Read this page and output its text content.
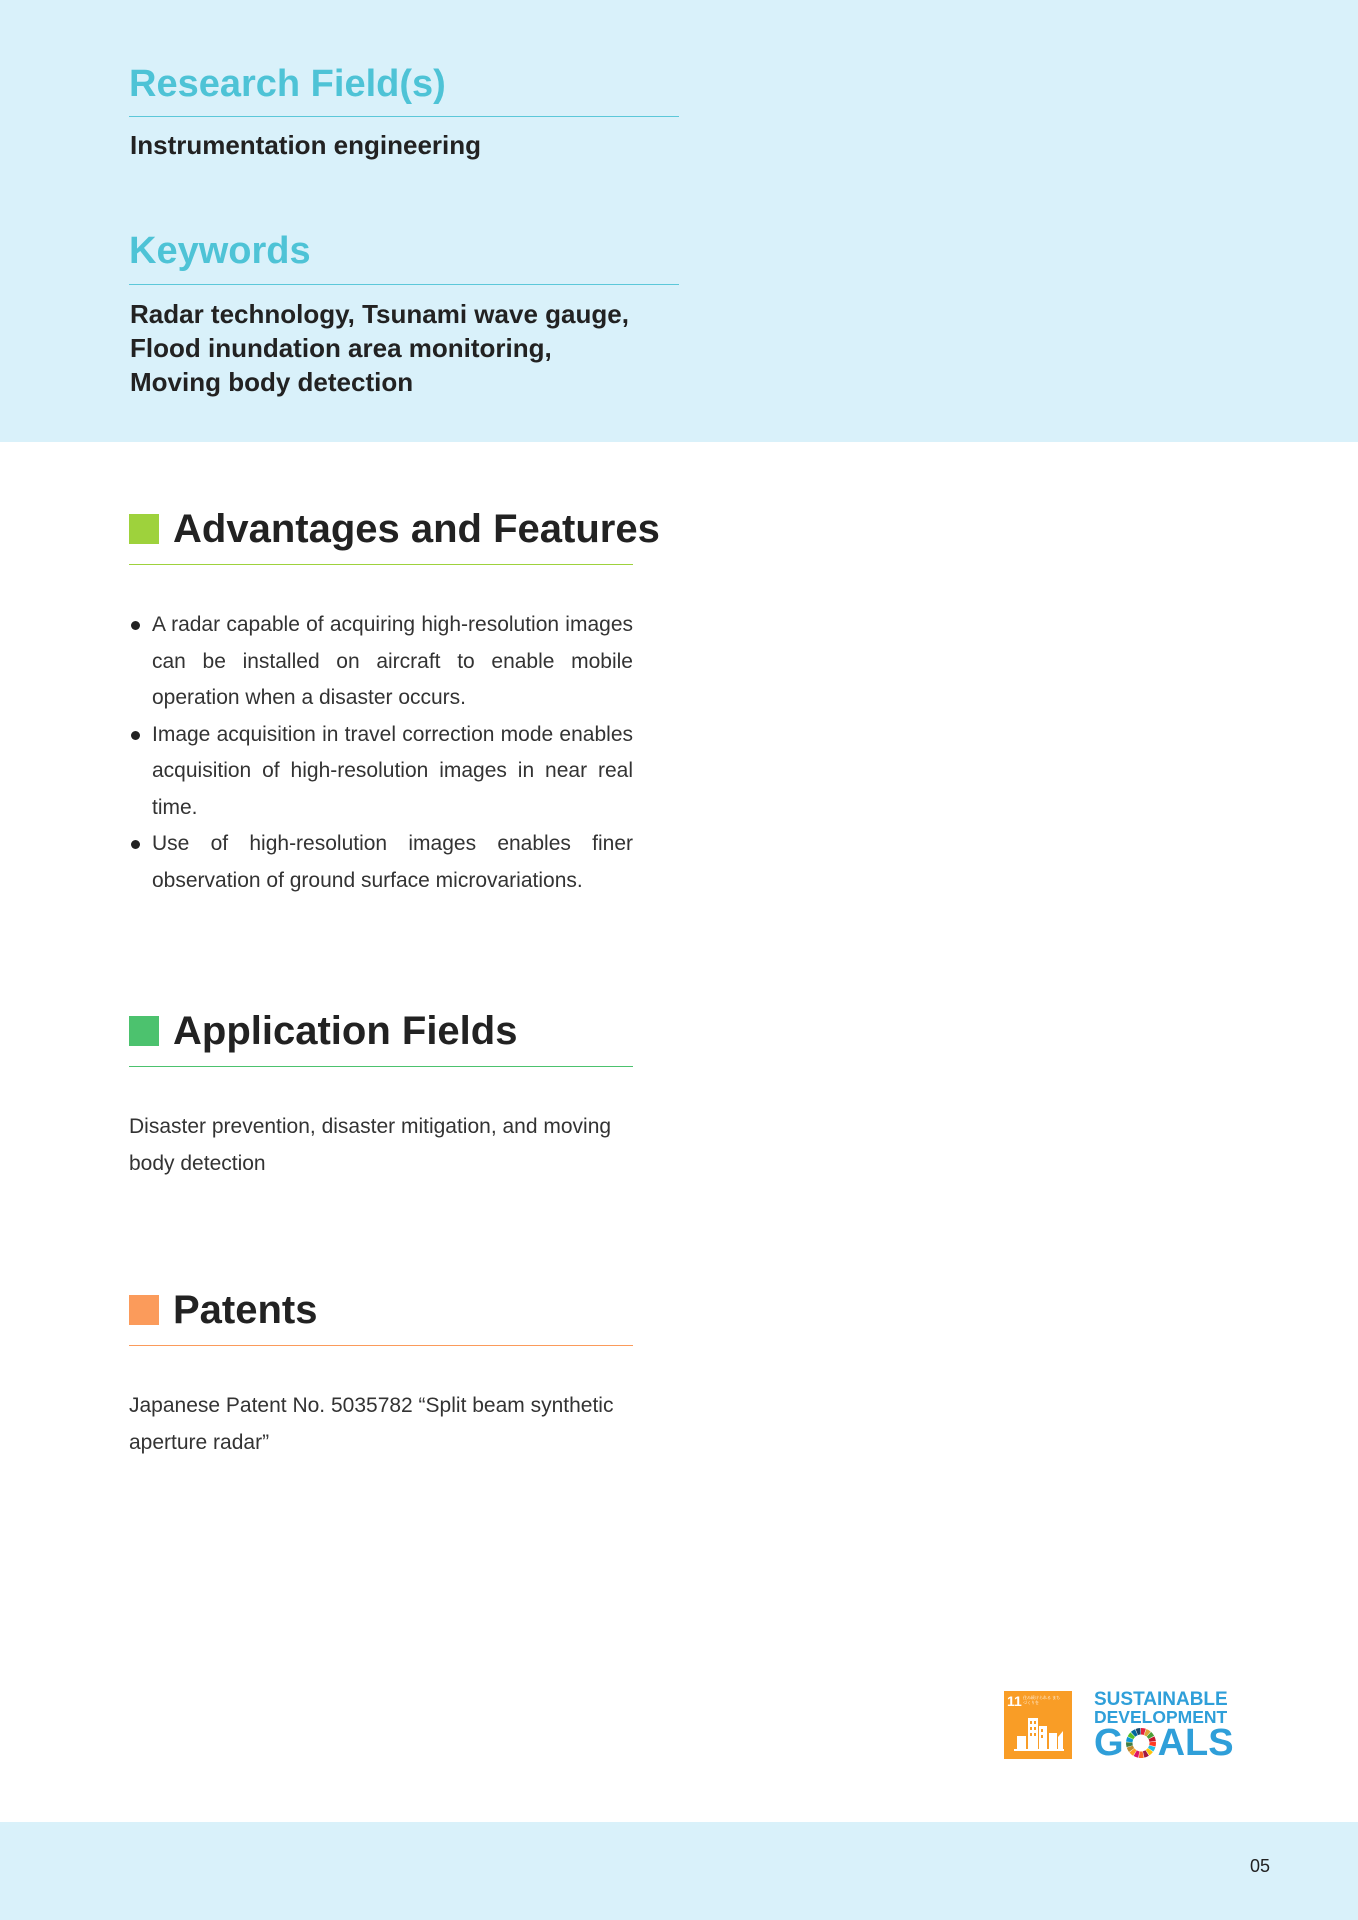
Research Field(s)

Instrumentation engineering

Keywords
Radar technology, Tsunami wave gauge,
Flood inundation area monitoring,
Moving body detection
Advantages and Features
A radar capable of acquiring high-resolution images can be installed on aircraft to enable mobile operation when a disaster occurs.
Image acquisition in travel correction mode enables acquisition of high-resolution images in near real time.
Use of high-resolution images enables finer observation of ground surface microvariations.
Application Fields

Disaster prevention, disaster mitigation, and moving body detection

Patents

Japanese Patent No. 5035782 “Split beam synthetic aperture radar”

11 住み続けられる まちづくりを	SUSTAINABLE
DEVELOPMENT
G ALS
05
